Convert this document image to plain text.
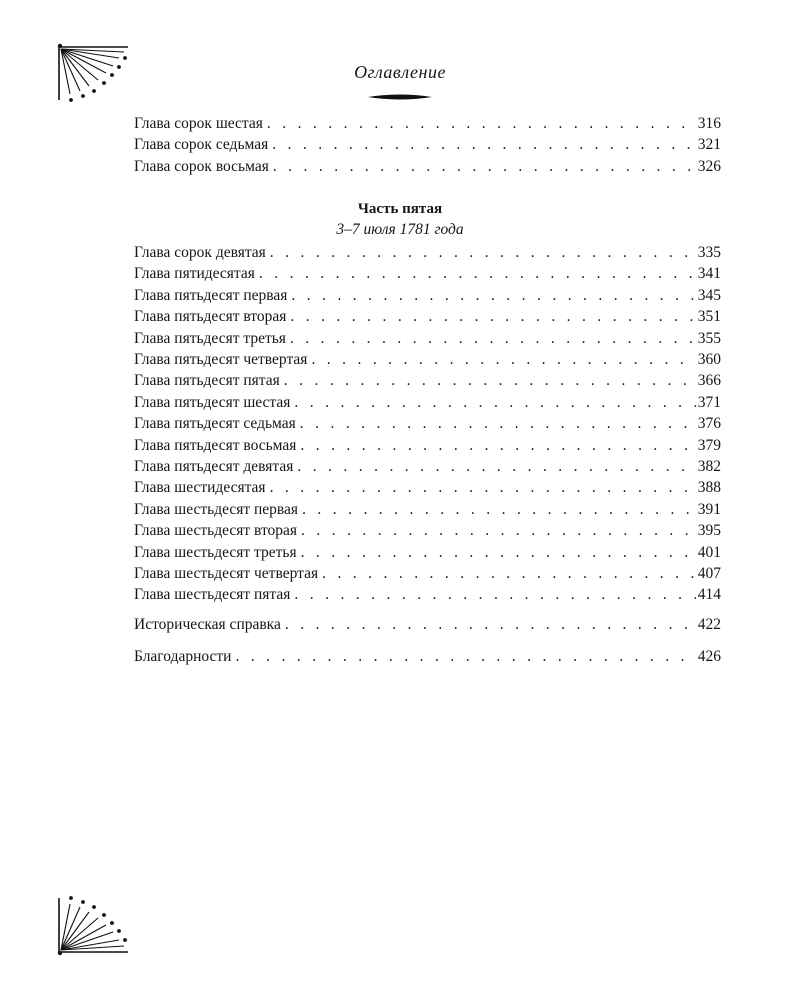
Оглавление
Глава сорок шестая . . .	316
Глава сорок седьмая . . .	321
Глава сорок восьмая . . .	326
Глава сорок девятая . . .	335
Глава пятидесятая . . .	341
Глава пятьдесят первая . . .	345
Глава пятьдесят вторая . . .	351
Глава пятьдесят третья . . .	355
Глава пятьдесят четвертая . . .	360
Глава пятьдесят пятая . . .	366
Глава пятьдесят шестая . . .	371
Глава пятьдесят седьмая . . .	376
Глава пятьдесят восьмая . . .	379
Глава пятьдесят девятая . . .	382
Глава шестидесятая . . .	388
Глава шестьдесят первая . . .	391
Глава шестьдесят вторая . . .	395
Глава шестьдесят третья . . .	401
Глава шестьдесят четвертая . . .	407
Глава шестьдесят пятая . . .	414
Историческая справка . . .	422
Благодарности . . .	426
Часть пятая
3–7 июля 1781 года
